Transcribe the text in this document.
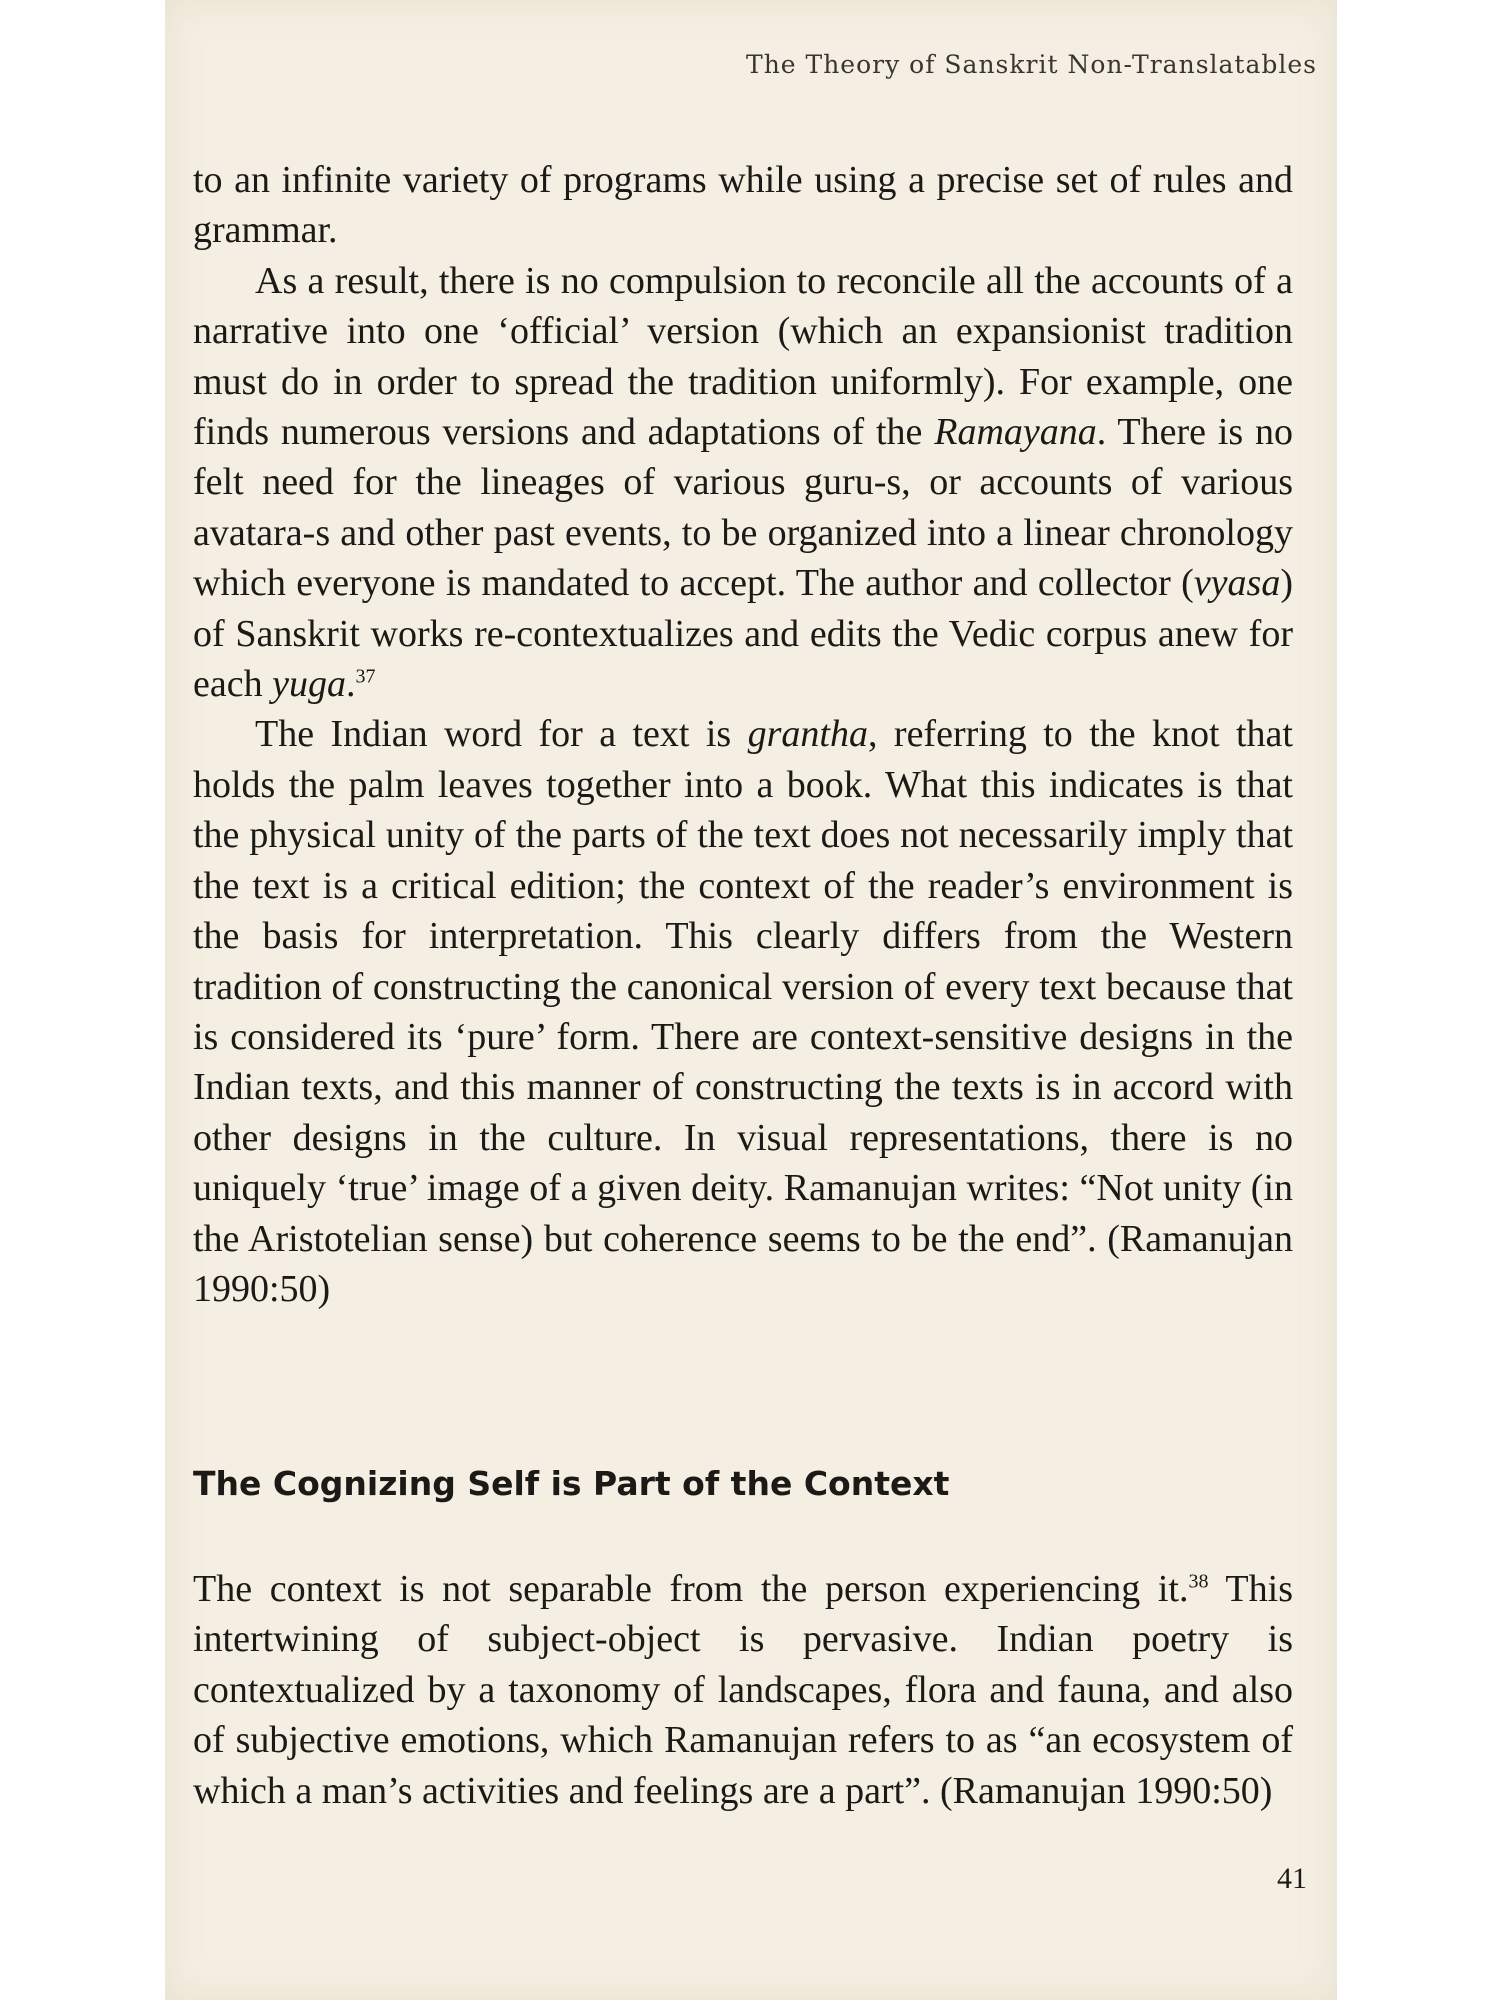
The Theory of Sanskrit Non-Translatables

to an infinite variety of programs while using a precise set of rules and grammar.

As a result, there is no compulsion to reconcile all the accounts of a narrative into one ‘official’ version (which an expansionist tradition must do in order to spread the tradition uniformly). For example, one finds numerous versions and adaptations of the Ramayana. There is no felt need for the lineages of various guru-s, or accounts of various avatara-s and other past events, to be organized into a linear chronology which everyone is mandated to accept. The author and collector (vyasa) of Sanskrit works re-contextualizes and edits the Vedic corpus anew for each yuga.$^{37}$

The Indian word for a text is grantha, referring to the knot that holds the palm leaves together into a book. What this indicates is that the physical unity of the parts of the text does not necessarily imply that the text is a critical edition; the context of the reader’s environment is the basis for interpretation. This clearly differs from the Western tradition of constructing the canonical version of every text because that is considered its ‘pure’ form. There are context-sensitive designs in the Indian texts, and this manner of constructing the texts is in accord with other designs in the culture. In visual representations, there is no uniquely ‘true’ image of a given deity. Ramanujan writes: “Not unity (in the Aristotelian sense) but coherence seems to be the end”. (Ramanujan 1990:50)

The Cognizing Self is Part of the Context

The context is not separable from the person experiencing it.$^{38}$ This intertwining of subject-object is pervasive. Indian poetry is contextualized by a taxonomy of landscapes, flora and fauna, and also of subjective emotions, which Ramanujan refers to as “an ecosystem of which a man’s activities and feelings are a part”. (Ramanujan 1990:50)

41
